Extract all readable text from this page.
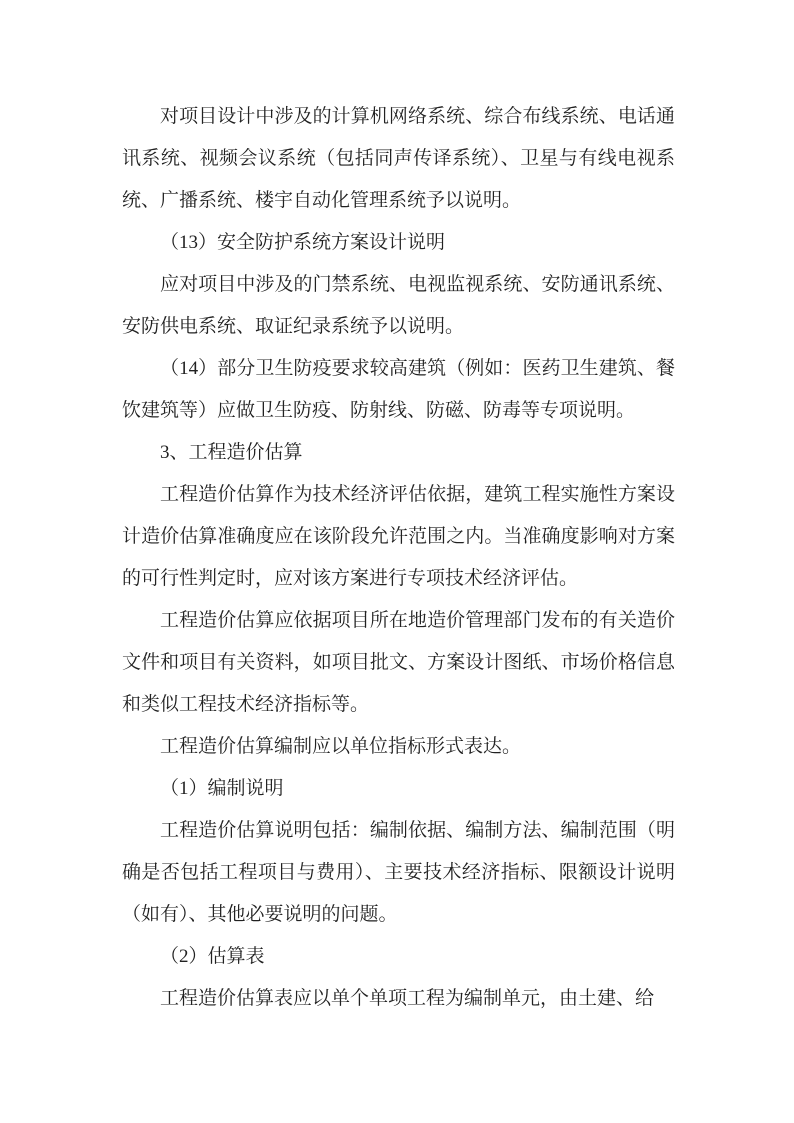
对项目设计中涉及的计算机网络系统、综合布线系统、电话通讯系统、视频会议系统（包括同声传译系统）、卫星与有线电视系统、广播系统、楼宇自动化管理系统予以说明。

（13）安全防护系统方案设计说明

应对项目中涉及的门禁系统、电视监视系统、安防通讯系统、安防供电系统、取证纪录系统予以说明。

（14）部分卫生防疫要求较高建筑（例如：医药卫生建筑、餐饮建筑等）应做卫生防疫、防射线、防磁、防毒等专项说明。

3、工程造价估算

工程造价估算作为技术经济评估依据，建筑工程实施性方案设计造价估算准确度应在该阶段允许范围之内。当准确度影响对方案的可行性判定时，应对该方案进行专项技术经济评估。

工程造价估算应依据项目所在地造价管理部门发布的有关造价文件和项目有关资料，如项目批文、方案设计图纸、市场价格信息和类似工程技术经济指标等。

工程造价估算编制应以单位指标形式表达。

（1）编制说明

工程造价估算说明包括：编制依据、编制方法、编制范围（明确是否包括工程项目与费用）、主要技术经济指标、限额设计说明（如有）、其他必要说明的问题。

（2）估算表

工程造价估算表应以单个单项工程为编制单元，由土建、给
